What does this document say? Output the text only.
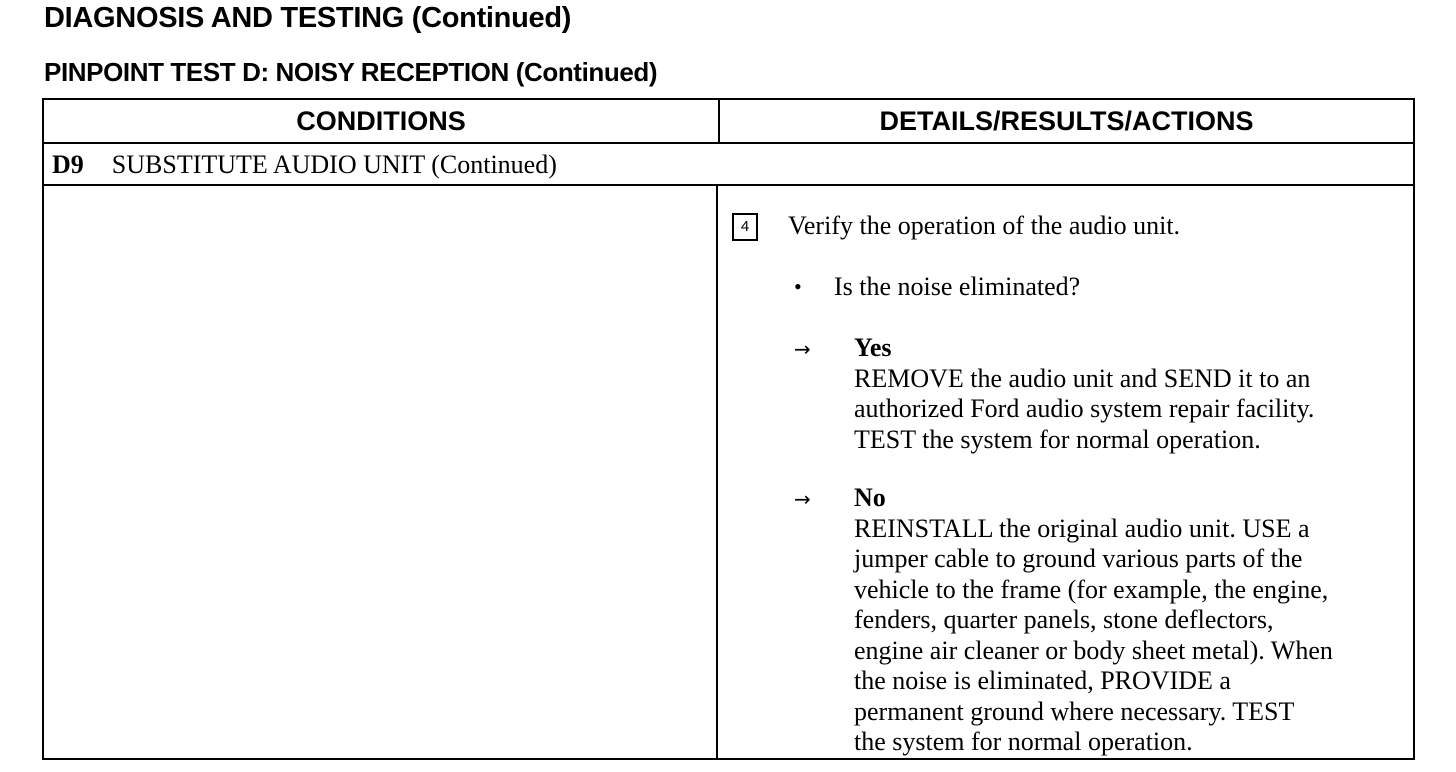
DIAGNOSIS AND TESTING (Continued)
PINPOINT TEST D: NOISY RECEPTION (Continued)
CONDITIONS	DETAILS/RESULTS/ACTIONS
D9 SUBSTITUTE AUDIO UNIT (Continued)
4	Verify the operation of the audio unit.
• Is the noise eliminated?
→ Yes
REMOVE the audio unit and SEND it to an
authorized Ford audio system repair facility.
TEST the system for normal operation.
→ No
REINSTALL the original audio unit. USE a
jumper cable to ground various parts of the
vehicle to the frame (for example, the engine,
fenders, quarter panels, stone deflectors,
engine air cleaner or body sheet metal). When
the noise is eliminated, PROVIDE a
permanent ground where necessary. TEST
the system for normal operation.
